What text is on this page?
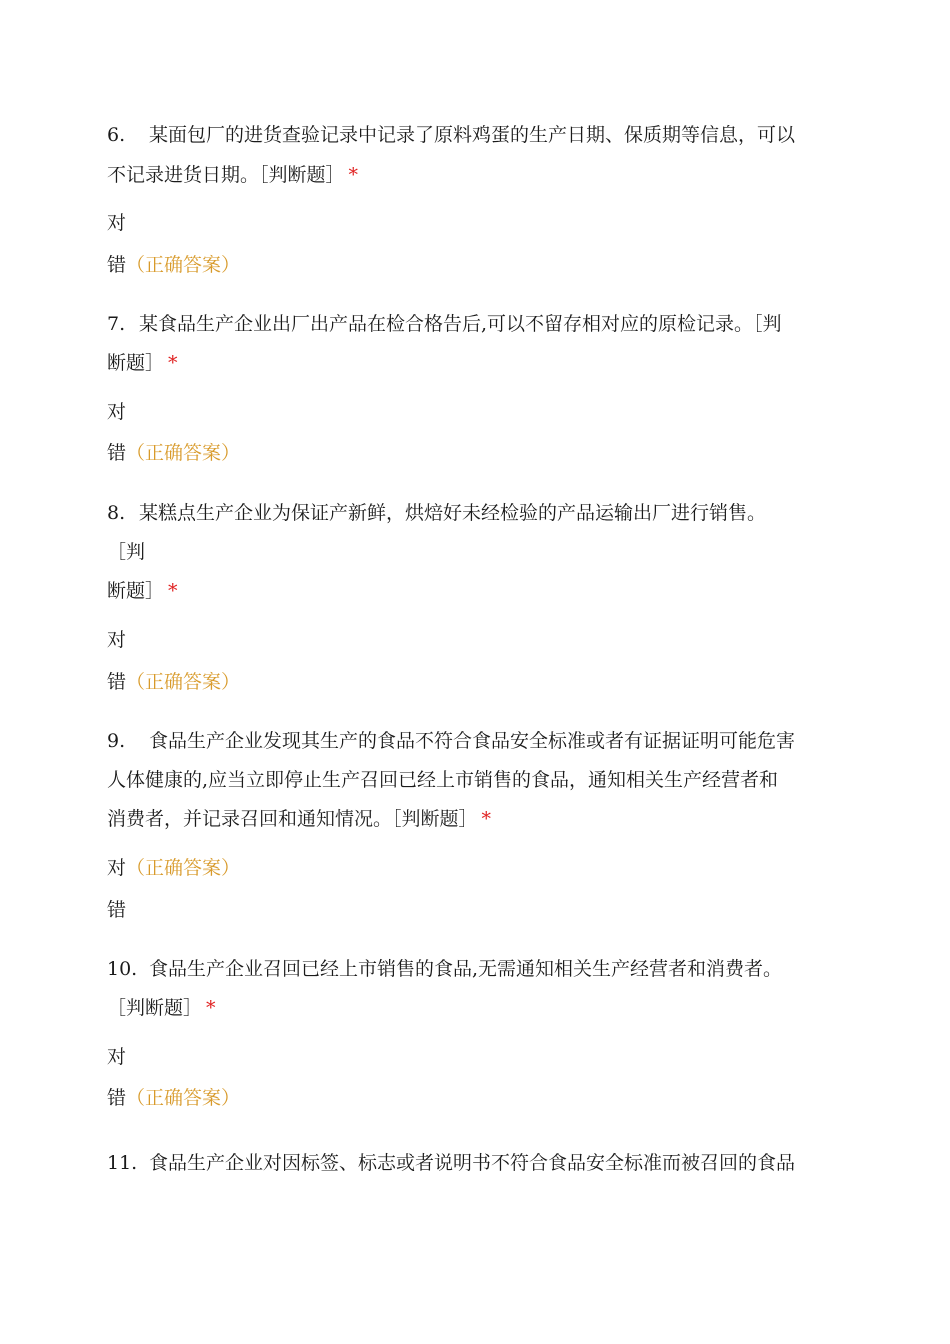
6. 某面包厂的进货查验记录中记录了原料鸡蛋的生产日期、保质期等信息，可以
不记录进货日期。［判断题］ *
对
错（正确答案）
7. 某食品生产企业出厂出产品在检合格告后,可以不留存相对应的原检记录。［判
断题］ *
对
错（正确答案）
8. 某糕点生产企业为保证产新鲜，烘焙好未经检验的产品运输出厂进行销售。
［判
断题］ *
对
错（正确答案）
9. 食品生产企业发现其生产的食品不符合食品安全标准或者有证据证明可能危害
人体健康的,应当立即停止生产召回已经上市销售的食品，通知相关生产经营者和
消费者，并记录召回和通知情况。［判断题］ *
对（正确答案）
错
10. 食品生产企业召回已经上市销售的食品,无需通知相关生产经营者和消费者。
［判断题］ *
对
错（正确答案）
11. 食品生产企业对因标签、标志或者说明书不符合食品安全标准而被召回的食品
